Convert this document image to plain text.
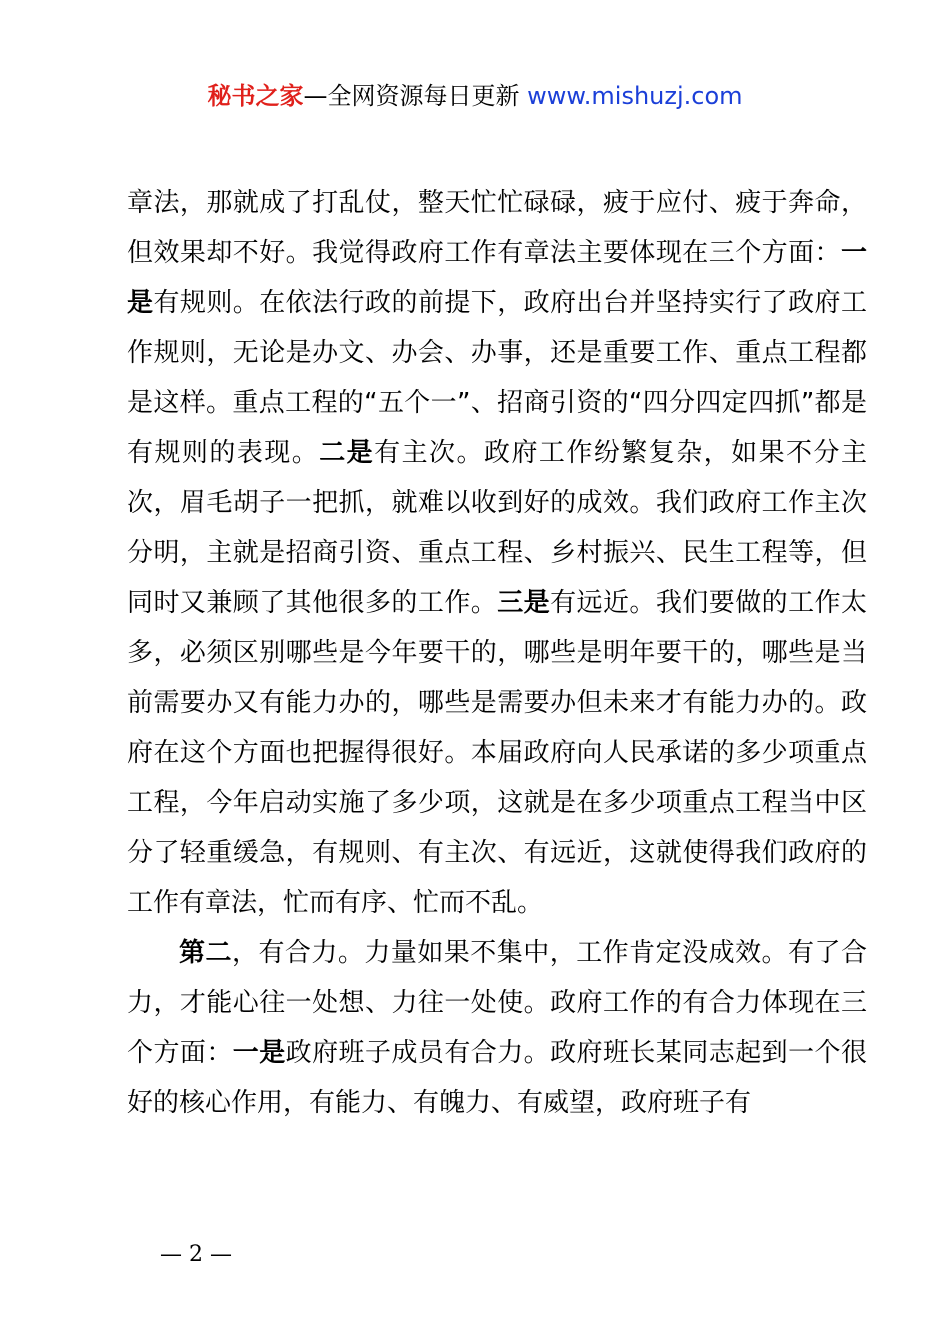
秘书之家—全网资源每日更新 www.mishuzj.com

章法，那就成了打乱仗，整天忙忙碌碌，疲于应付、疲于奔命，但效果却不好。我觉得政府工作有章法主要体现在三个方面：一是有规则。在依法行政的前提下，政府出台并坚持实行了政府工作规则，无论是办文、办会、办事，还是重要工作、重点工程都是这样。重点工程的“五个一”、招商引资的“四分四定四抓”都是有规则的表现。二是有主次。政府工作纷繁复杂，如果不分主次，眉毛胡子一把抓，就难以收到好的成效。我们政府工作主次分明，主就是招商引资、重点工程、乡村振兴、民生工程等，但同时又兼顾了其他很多的工作。三是有远近。我们要做的工作太多，必须区别哪些是今年要干的，哪些是明年要干的，哪些是当前需要办又有能力办的，哪些是需要办但未来才有能力办的。政府在这个方面也把握得很好。本届政府向人民承诺的多少项重点工程，今年启动实施了多少项，这就是在多少项重点工程当中区分了轻重缓急，有规则、有主次、有远近，这就使得我们政府的工作有章法，忙而有序、忙而不乱。

第二，有合力。力量如果不集中，工作肯定没成效。有了合力，才能心往一处想、力往一处使。政府工作的有合力体现在三个方面：一是政府班子成员有合力。政府班长某同志起到一个很好的核心作用，有能力、有魄力、有威望，政府班子有

— 2 —
